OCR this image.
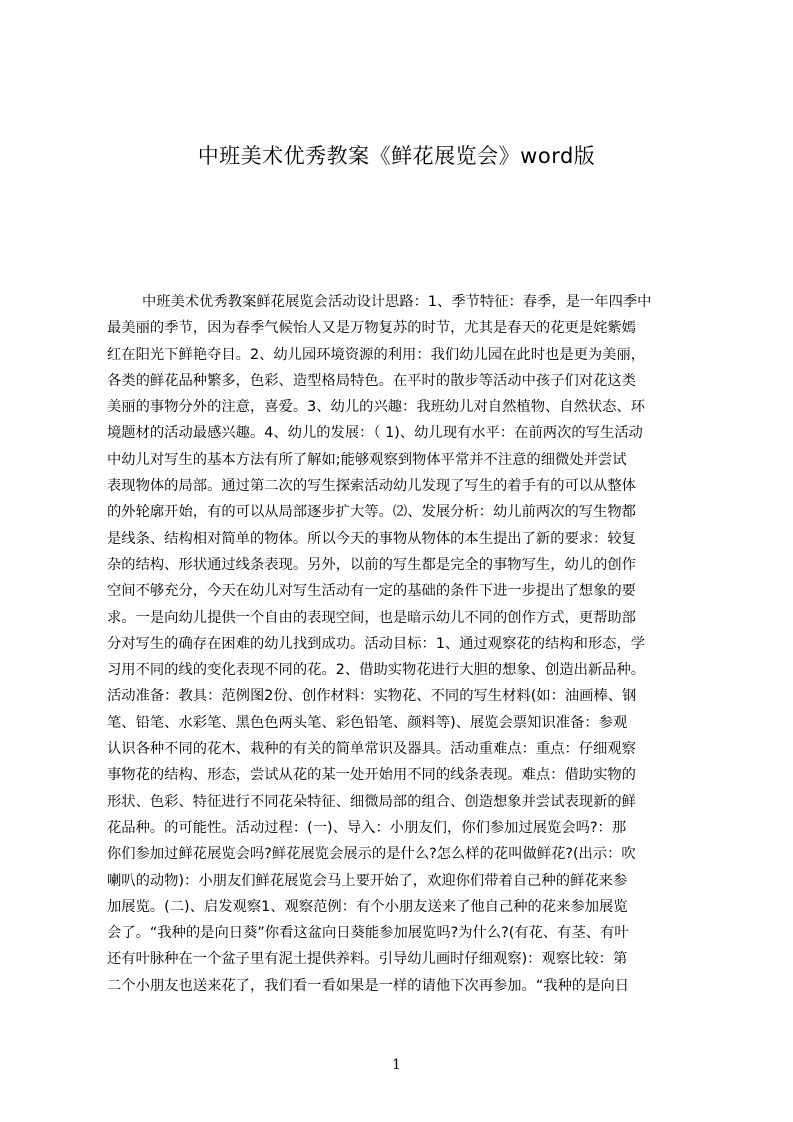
中班美术优秀教案《鲜花展览会》word版
中班美术优秀教案鲜花展览会活动设计思路：1、季节特征：春季，是一年四季中
最美丽的季节，因为春季气候怡人又是万物复苏的时节，尤其是春天的花更是姹紫嫣
红在阳光下鲜艳夺目。2、幼儿园环境资源的利用：我们幼儿园在此时也是更为美丽，
各类的鲜花品种繁多，色彩、造型格局特色。在平时的散步等活动中孩子们对花这类
美丽的事物分外的注意，喜爱。3、幼儿的兴趣：我班幼儿对自然植物、自然状态、环
境题材的活动最感兴趣。4、幼儿的发展：（ 1)、幼儿现有水平：在前两次的写生活动
中幼儿对写生的基本方法有所了解如;能够观察到物体平常并不注意的细微处并尝试
表现物体的局部。通过第二次的写生探索活动幼儿发现了写生的着手有的可以从整体
的外轮廓开始，有的可以从局部逐步扩大等。⑵、发展分析：幼儿前两次的写生物都
是线条、结构相对简单的物体。所以今天的事物从物体的本生提出了新的要求：较复
杂的结构、形状通过线条表现。另外，以前的写生都是完全的事物写生，幼儿的创作
空间不够充分，今天在幼儿对写生活动有一定的基础的条件下进一步提出了想象的要
求。一是向幼儿提供一个自由的表现空间，也是暗示幼儿不同的创作方式，更帮助部
分对写生的确存在困难的幼儿找到成功。活动目标：1、通过观察花的结构和形态，学
习用不同的线的变化表现不同的花。2、借助实物花进行大胆的想象、创造出新品种。
活动准备：教具：范例图2份、创作材料：实物花、不同的写生材料(如：油画棒、钢
笔、铅笔、水彩笔、黑色色两头笔、彩色铅笔、颜料等)、展览会票知识准备：参观
认识各种不同的花木、栽种的有关的简单常识及器具。活动重难点：重点：仔细观察
事物花的结构、形态，尝试从花的某一处开始用不同的线条表现。难点：借助实物的
形状、色彩、特征进行不同花朵特征、细微局部的组合、创造想象并尝试表现新的鲜
花品种。的可能性。活动过程：(一)、导入：小朋友们，你们参加过展览会吗?：那
你们参加过鲜花展览会吗?鲜花展览会展示的是什么?怎么样的花叫做鲜花?(出示：吹
喇叭的动物)：小朋友们鲜花展览会马上要开始了，欢迎你们带着自己种的鲜花来参
加展览。(二)、启发观察1、观察范例：有个小朋友送来了他自己种的花来参加展览
会了。“我种的是向日葵”你看这盆向日葵能参加展览吗?为什么?(有花、有茎、有叶
还有叶脉种在一个盆子里有泥土提供养料。引导幼儿画时仔细观察)：观察比较：第
二个小朋友也送来花了，我们看一看如果是一样的请他下次再参加。“我种的是向日
1
